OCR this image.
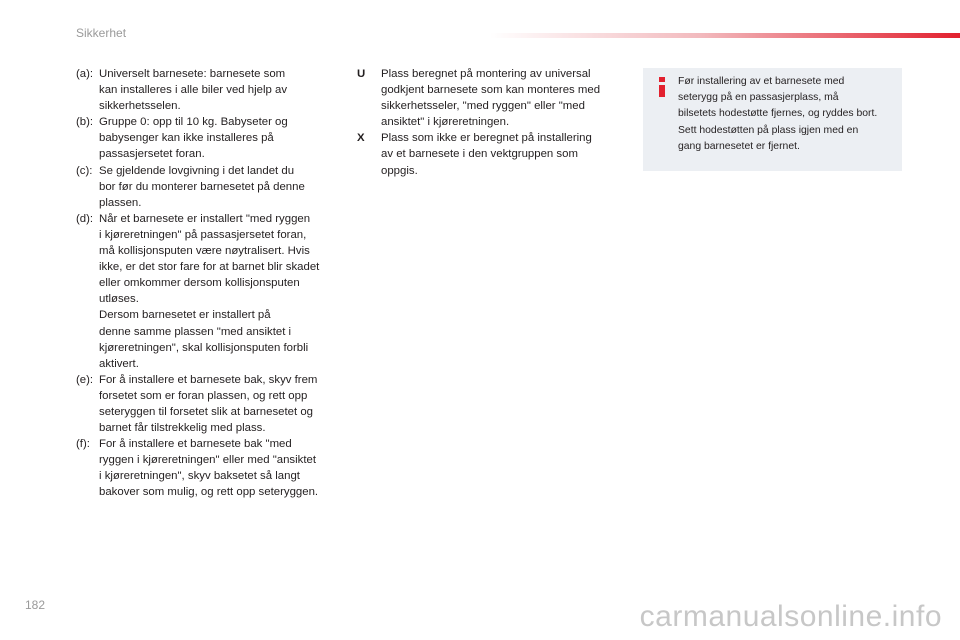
Sikkerhet
(a): Universelt barnesete: barnesete som
kan installeres i alle biler ved hjelp av
sikkerhetsselen.
(b): Gruppe 0: opp til 10 kg. Babyseter og
babysenger kan ikke installeres på
passasjersetet foran.
(c): Se gjeldende lovgivning i det landet du
bor før du monterer barnesetet på denne
plassen.
(d): Når et barnesete er installert "med ryggen
i kjøreretningen" på passasjersetet foran,
må kollisjonsputen være nøytralisert. Hvis
ikke, er det stor fare for at barnet blir skadet
eller omkommer dersom kollisjonsputen
utløses.
Dersom barnesetet er installert på
denne samme plassen "med ansiktet i
kjøreretningen", skal kollisjonsputen forbli
aktivert.
(e): For å installere et barnesete bak, skyv frem
forsetet som er foran plassen, og rett opp
seteryggen til forsetet slik at barnesetet og
barnet får tilstrekkelig med plass.
(f): For å installere et barnesete bak "med
ryggen i kjøreretningen" eller med "ansiktet
i kjøreretningen", skyv baksetet så langt
bakover som mulig, og rett opp seteryggen.
U	Plass beregnet på montering av universal
godkjent barnesete som kan monteres med
sikkerhetsseler, "med ryggen" eller "med
ansiktet" i kjøreretningen.
X	Plass som ikke er beregnet på installering
av et barnesete i den vektgruppen som
oppgis.
Før installering av et barnesete med
seterygg på en passasjerplass, må
bilsetets hodestøtte fjernes, og ryddes bort.
Sett hodestøtten på plass igjen med en
gang barnesetet er fjernet.
182	carmanualsonline.info
